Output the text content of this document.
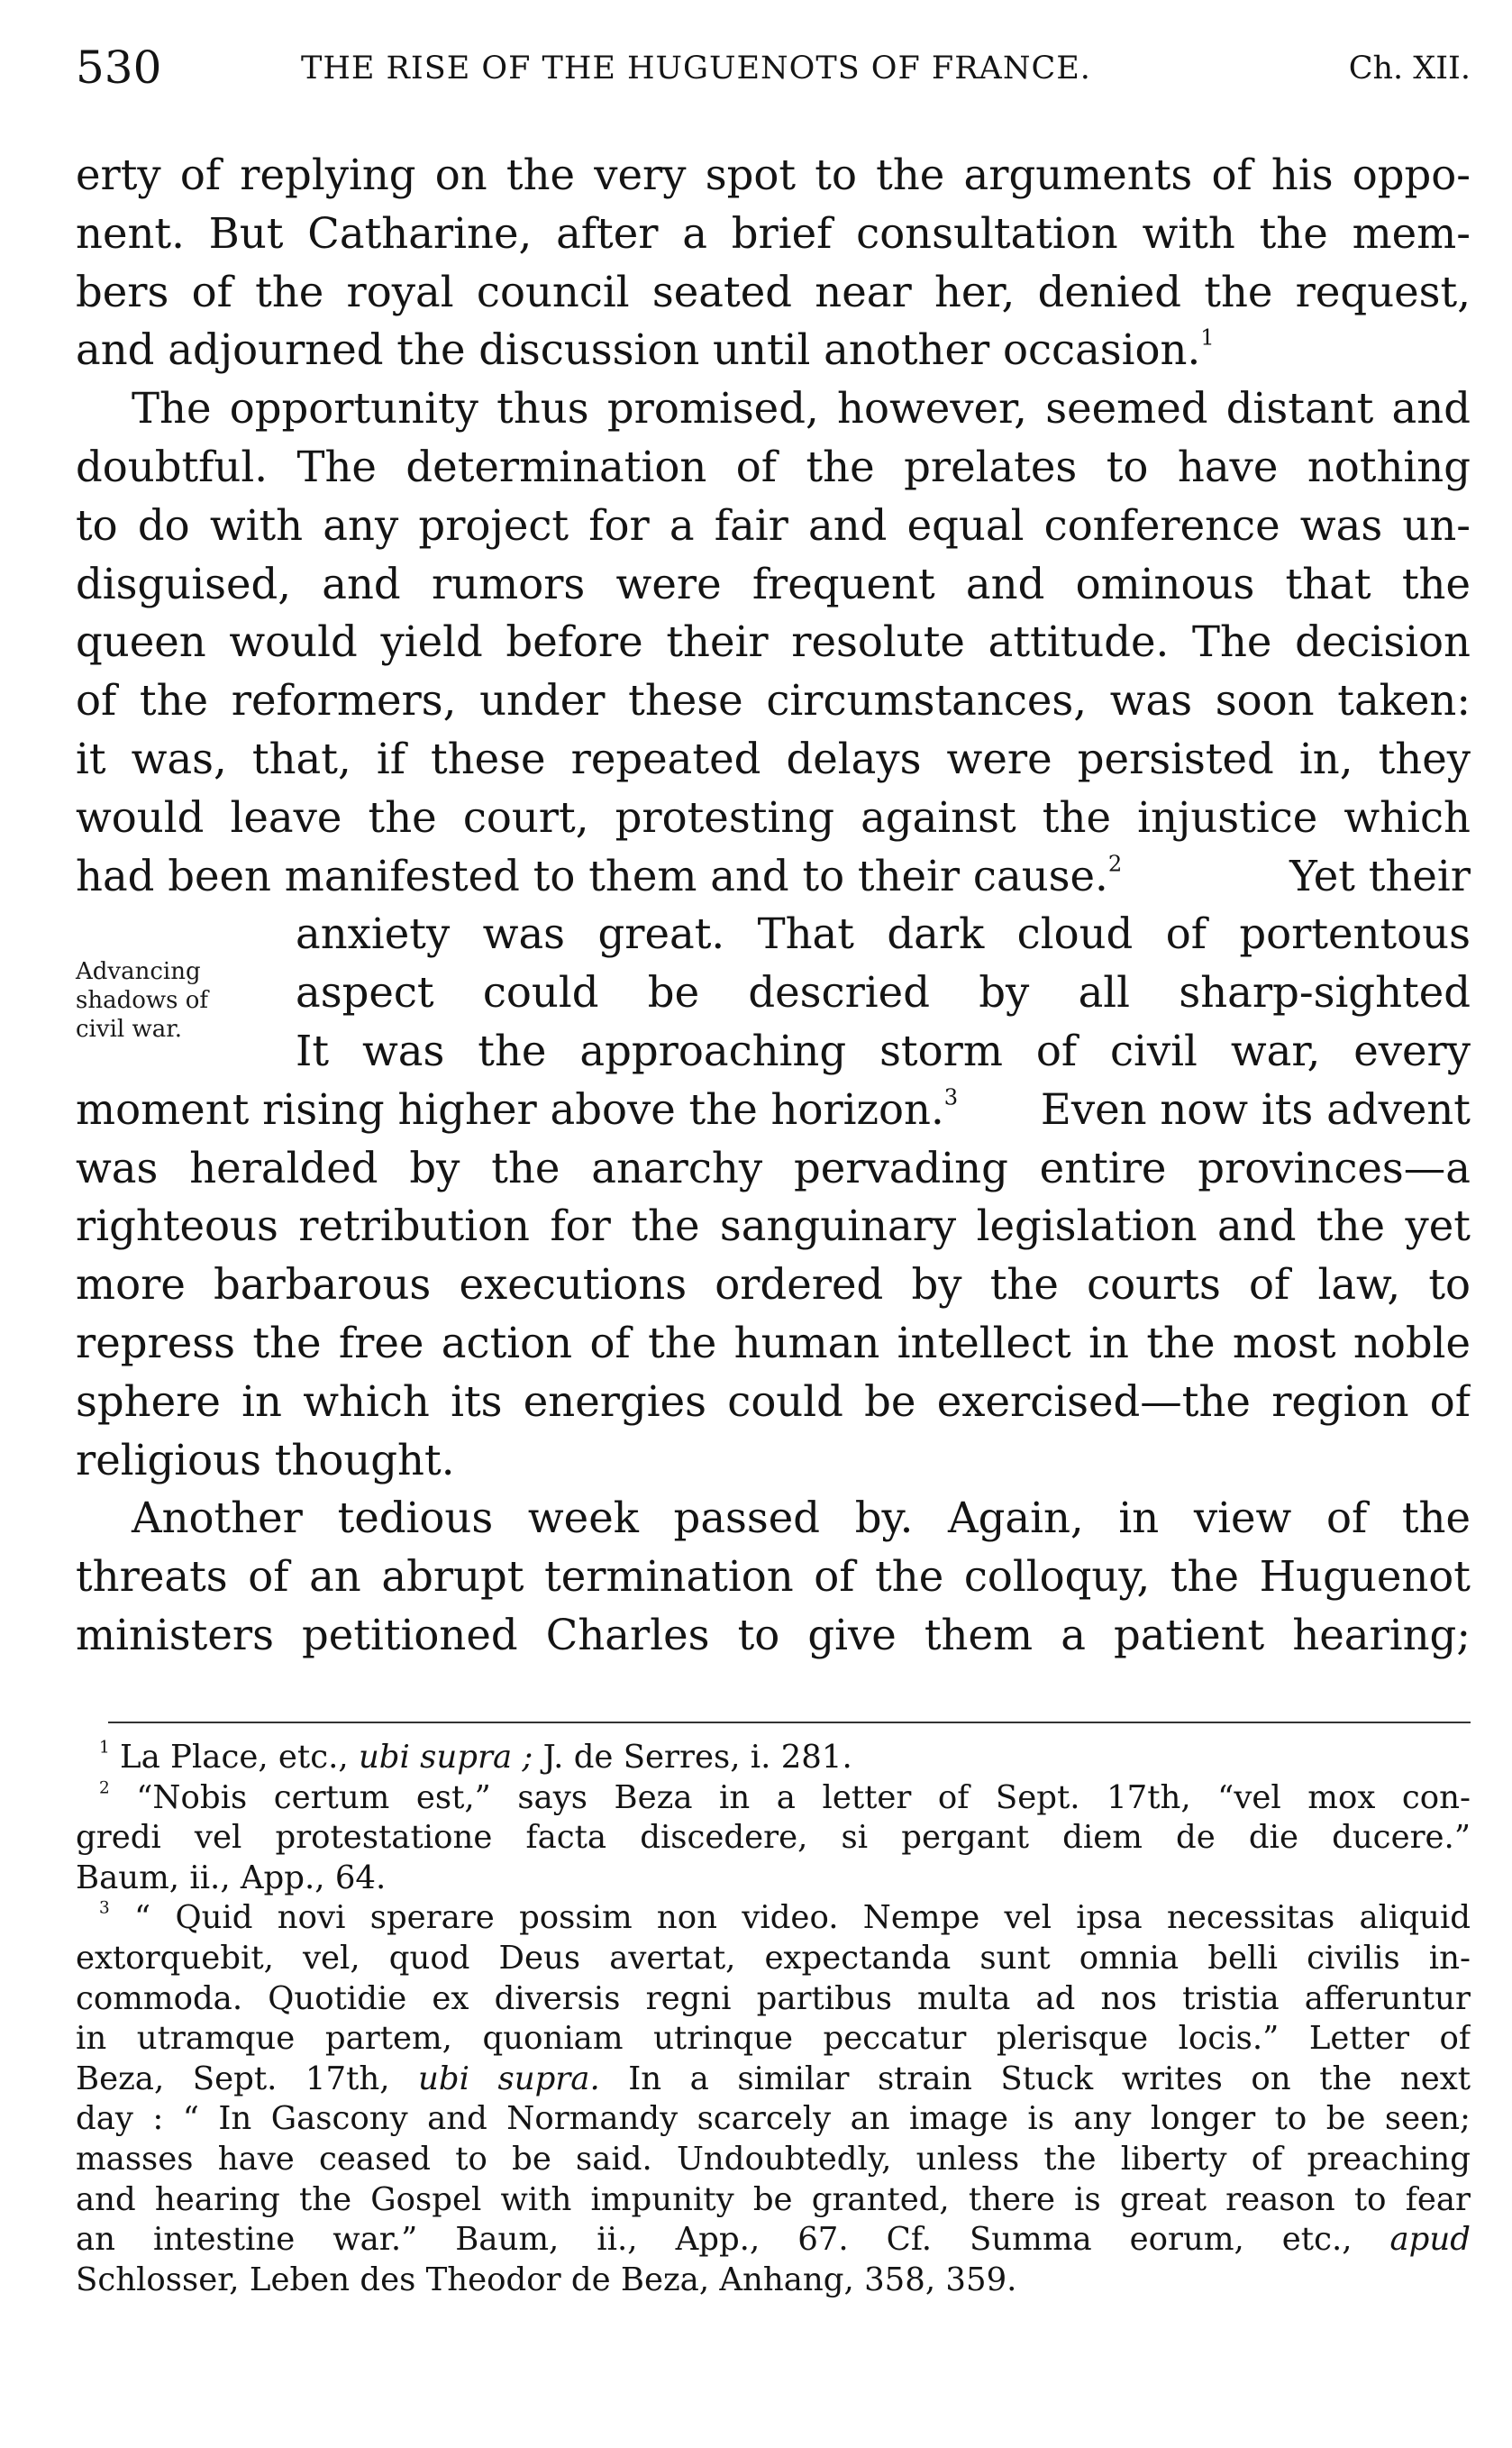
530	THE RISE OF THE HUGUENOTS OF FRANCE.	Ch. XII.
erty of replying on the very spot to the arguments of his oppo-
nent. But Catharine, after a brief consultation with the mem-
bers of the royal council seated near her, denied the request,
and adjourned the discussion until another occasion.$^1$
The opportunity thus promised, however, seemed distant and
doubtful. The determination of the prelates to have nothing
to do with any project for a fair and equal conference was un-
disguised, and rumors were frequent and ominous that the
queen would yield before their resolute attitude. The decision
of the reformers, under these circumstances, was soon taken:
it was, that, if these repeated delays were persisted in, they
would leave the court, protesting against the injustice which
had been manifested to them and to their cause.$^2$	Yet their
anxiety was great. That dark cloud of portentous
aspect could be descried by all sharp-sighted
It was the approaching storm of civil war, every
moment rising higher above the horizon.$^3$ Even now its advent
was heralded by the anarchy pervading entire provinces—a
righteous retribution for the sanguinary legislation and the yet
more barbarous executions ordered by the courts of law, to
repress the free action of the human intellect in the most noble
sphere in which its energies could be exercised—the region of
religious thought.
Another tedious week passed by. Again, in view of the
threats of an abrupt termination of the colloquy, the Huguenot
ministers petitioned Charles to give them a patient hearing;
Advancing
shadows of
civil war.
$^1$ La Place, etc., ubi supra ; J. de Serres, i. 281.
$^2$ “Nobis certum est,” says Beza in a letter of Sept. 17th, “vel mox con-
gredi vel protestatione facta discedere, si pergant diem de die ducere.”
Baum, ii., App., 64.
$^3$ “ Quid novi sperare possim non video. Nempe vel ipsa necessitas aliquid
extorquebit, vel, quod Deus avertat, expectanda sunt omnia belli civilis in-
commoda. Quotidie ex diversis regni partibus multa ad nos tristia afferuntur
in utramque partem, quoniam utrinque peccatur plerisque locis.” Letter of
Beza, Sept. 17th, ubi supra. In a similar strain Stuck writes on the next
day : “ In Gascony and Normandy scarcely an image is any longer to be seen;
masses have ceased to be said. Undoubtedly, unless the liberty of preaching
and hearing the Gospel with impunity be granted, there is great reason to fear
an intestine war.” Baum, ii., App., 67. Cf. Summa eorum, etc., apud
Schlosser, Leben des Theodor de Beza, Anhang, 358, 359.
